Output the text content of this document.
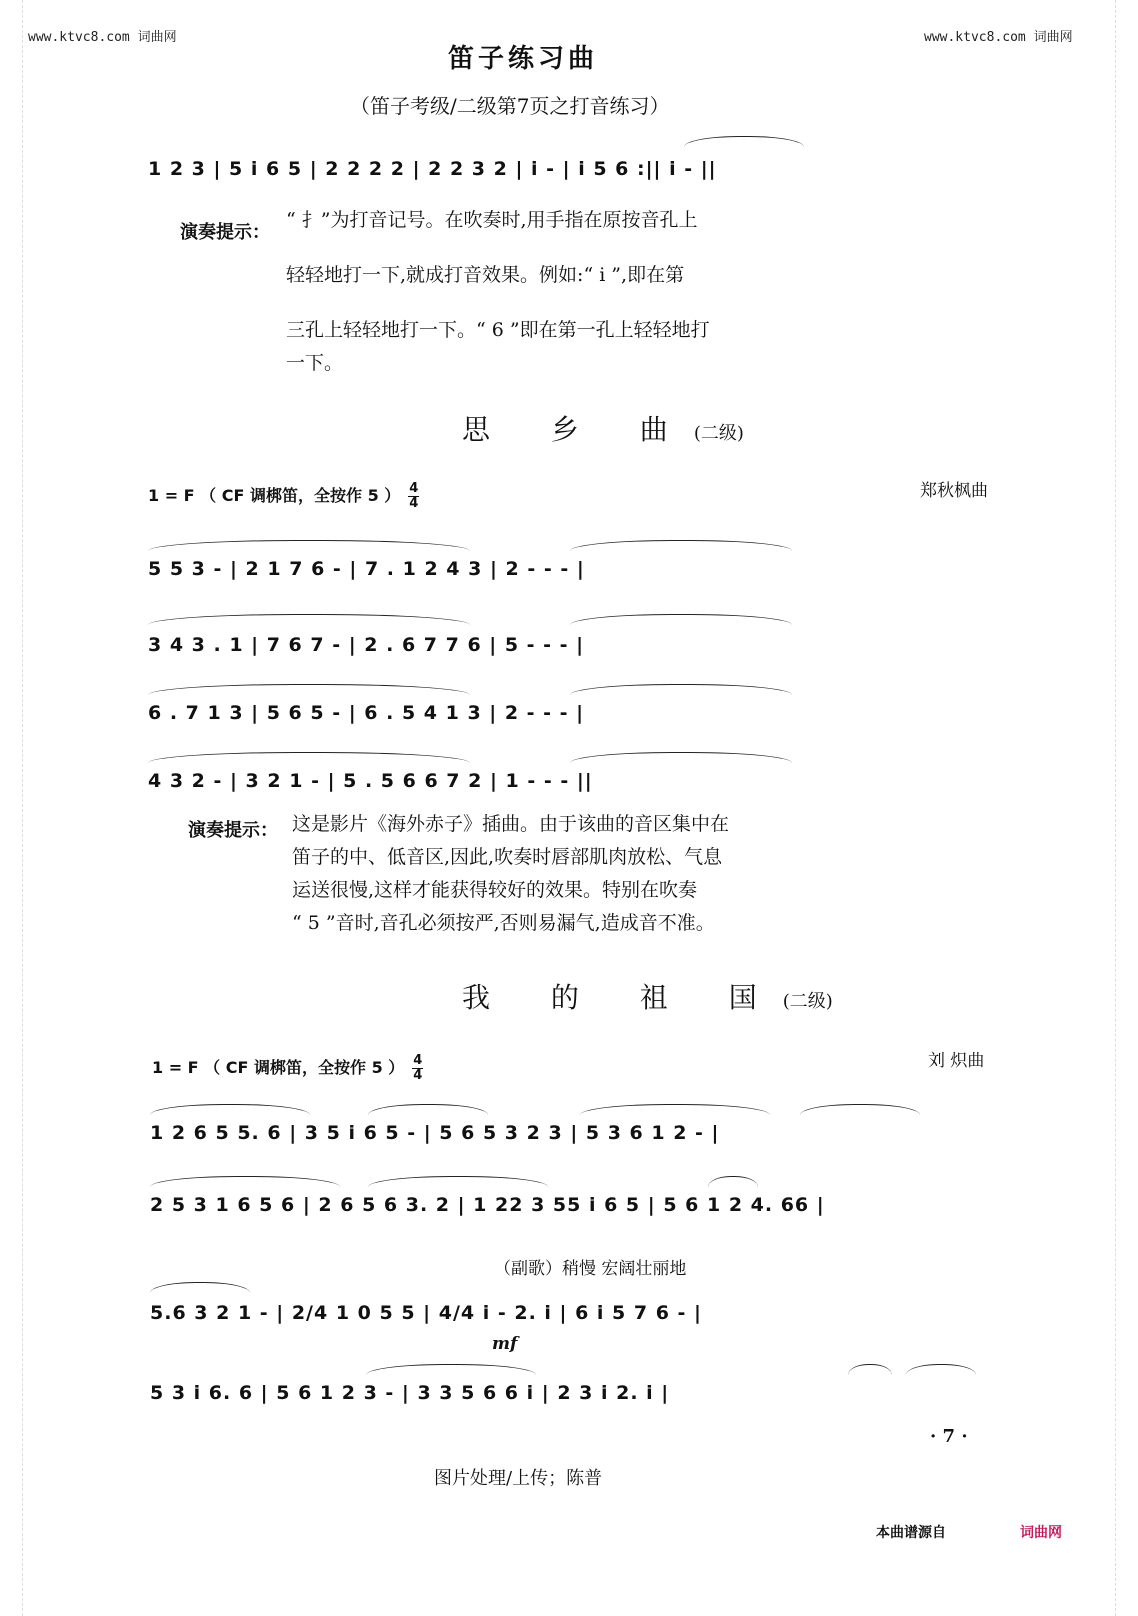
www.ktvc8.com 词曲网	www.ktvc8.com 词曲网
笛子练习曲
（笛子考级/二级第7页之打音练习）
1 2 3 | 5 i 6 5 | 2 2 2 2 | 2 2 3 2 | i - | i 5 6 :|| i - ||
演奏提示：
“ 扌”为打音记号。在吹奏时,用手指在原按音孔上
轻轻地打一下,就成打音效果。例如:“ i ”,即在第
三孔上轻轻地打一下。“ 6 ”即在第一孔上轻轻地打
一下。
思 乡 曲(二级)
1 = F （ CF 调梆笛，全按作 5 ） $\frac{4}{4}$	郑秋枫曲
5 5 3 - | 2 1 7 6 - | 7 . 1 2 4 3 | 2 - - - |
3 4 3 . 1 | 7 6 7 - | 2 . 6 7 7 6 | 5 - - - |
6 . 7 1 3 | 5 6 5 - | 6 . 5 4 1 3 | 2 - - - |
4 3 2 - | 3 2 1 - | 5 . 5 6 6 7 2 | 1 - - - ||
演奏提示： 这是影片《海外赤子》插曲。由于该曲的音区集中在
笛子的中、低音区,因此,吹奏时唇部肌肉放松、气息
运送很慢,这样才能获得较好的效果。特别在吹奏
“ 5 ”音时,音孔必须按严,否则易漏气,造成音不准。
我 的 祖 国(二级)
1 = F （ CF 调梆笛，全按作 5 ） $\frac{4}{4}$	刘 炽曲
1 2 6 5 5. 6 | 3 5 i 6 5 - | 5 6 5 3 2 3 | 5 3 6 1 2 - |
2 5 3 1 6 5 6 | 2 6 5 6 3. 2 | 1 22 3 55 i 6 5 | 5 6 1 2 4. 66 |
（副歌）稍慢 宏阔壮丽地
5.6 3 2 1 - | 2/4 1 0 5 5 | 4/4 i - 2. i | 6 i 5 7 6 - |
mf
5 3 i 6. 6 | 5 6 1 2 3 - | 3 3 5 6 6 i | 2 3 i 2. i |
· 7 ·
图片处理/上传；陈普
本曲谱源自	词曲网
